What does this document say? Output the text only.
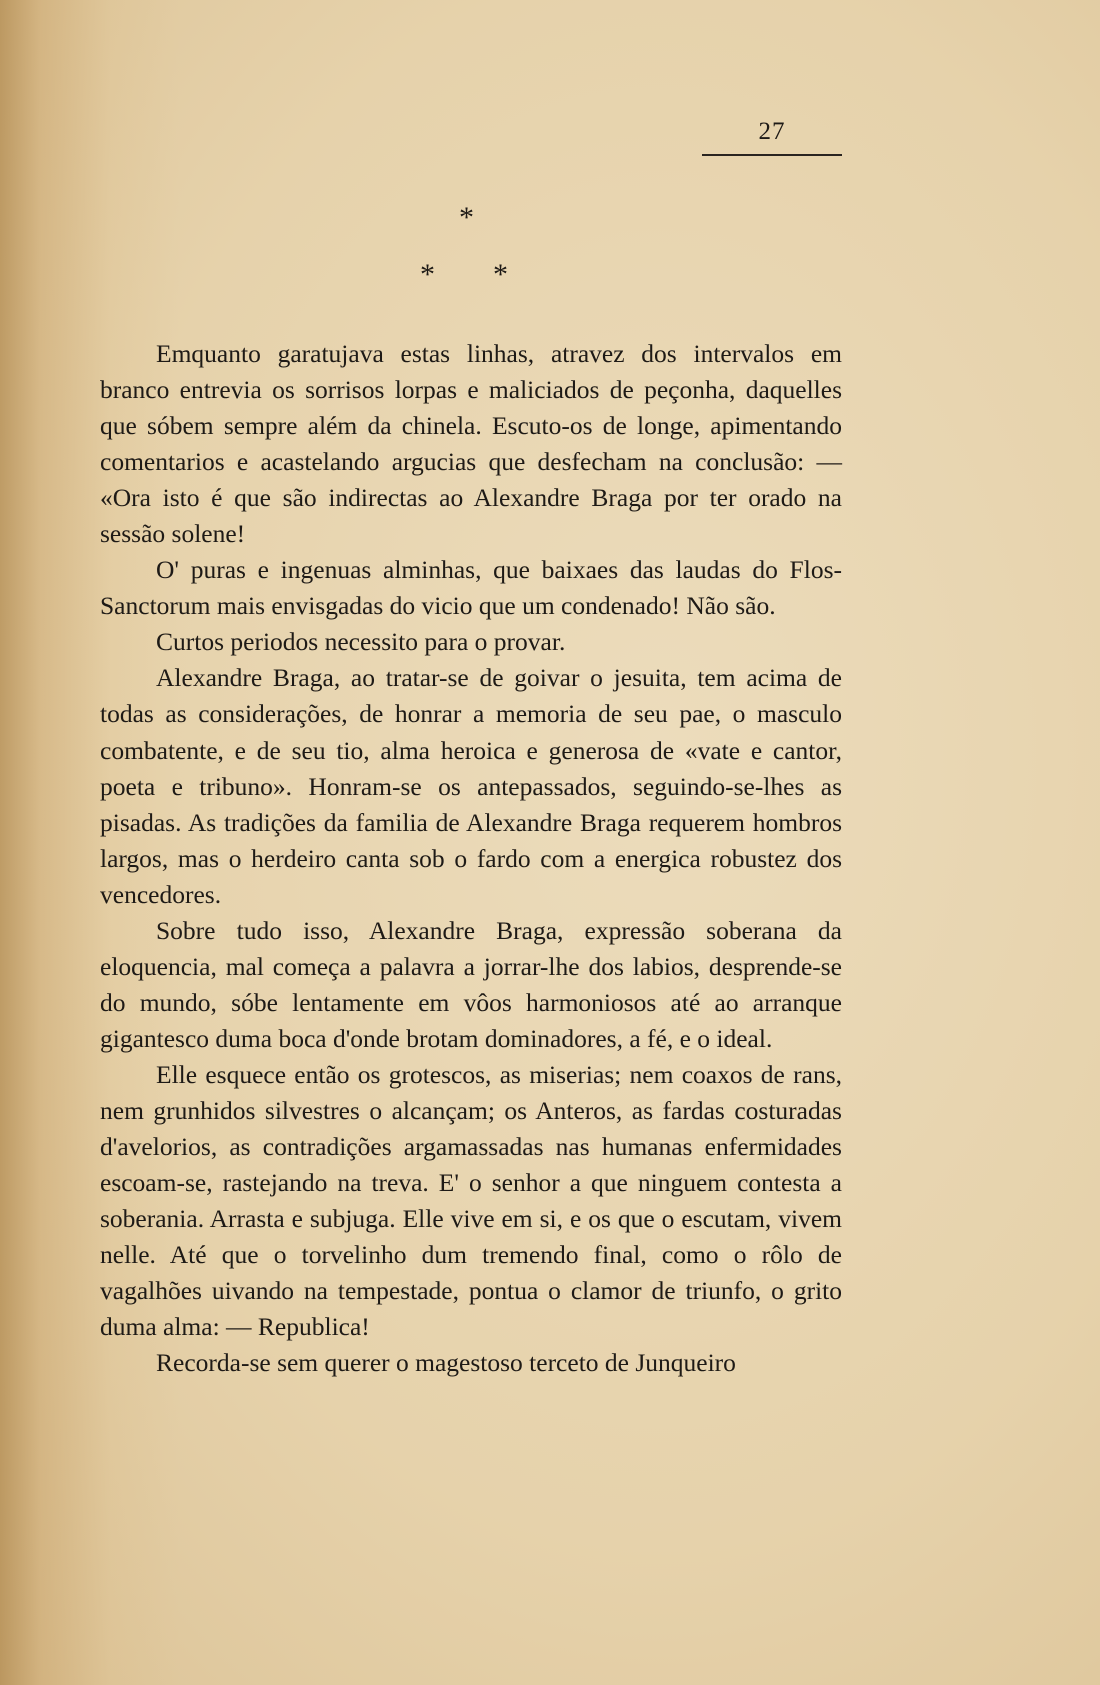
27
*
* *

Emquanto garatujava estas linhas, atravez dos intervalos em branco entrevia os sorrisos lorpas e maliciados de peçonha, daquelles que sóbem sempre além da chinela. Escuto-os de longe, apimentando comentarios e acastelando argucias que desfecham na conclusão: — «Ora isto é que são indirectas ao Alexandre Braga por ter orado na sessão solene!

O' puras e ingenuas alminhas, que baixaes das laudas do Flos-Sanctorum mais envisgadas do vicio que um condenado! Não são.

Curtos periodos necessito para o provar.

Alexandre Braga, ao tratar-se de goivar o jesuita, tem acima de todas as considerações, de honrar a memoria de seu pae, o masculo combatente, e de seu tio, alma heroica e generosa de «vate e cantor, poeta e tribuno». Honram-se os antepassados, seguindo-se-lhes as pisadas. As tradições da familia de Alexandre Braga requerem hombros largos, mas o herdeiro canta sob o fardo com a energica robustez dos vencedores.

Sobre tudo isso, Alexandre Braga, expressão soberana da eloquencia, mal começa a palavra a jorrar-lhe dos labios, desprende-se do mundo, sóbe lentamente em vôos harmoniosos até ao arranque gigantesco duma boca d'onde brotam dominadores, a fé, e o ideal.

Elle esquece então os grotescos, as miserias; nem coaxos de rans, nem grunhidos silvestres o alcançam; os Anteros, as fardas costuradas d'avelorios, as contradições argamassadas nas humanas enfermidades escoam-se, rastejando na treva. E' o senhor a que ninguem contesta a soberania. Arrasta e subjuga. Elle vive em si, e os que o escutam, vivem nelle. Até que o torvelinho dum tremendo final, como o rôlo de vagalhões uivando na tempestade, pontua o clamor de triunfo, o grito duma alma: — Republica!

Recorda-se sem querer o magestoso terceto de Junqueiro
